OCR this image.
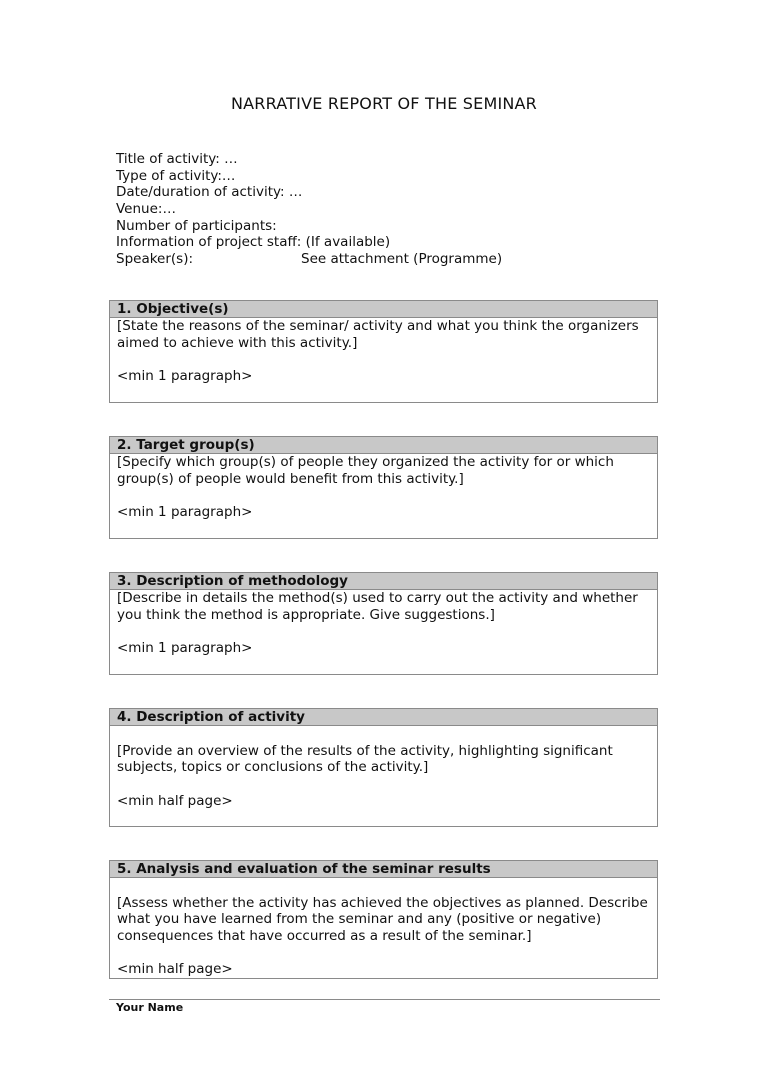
NARRATIVE REPORT OF THE SEMINAR
Title of activity: …
Type of activity:…
Date/duration of activity: …
Venue:…
Number of participants:
Information of project staff: (If available)
Speaker(s):	See attachment (Programme)
1. Objective(s)

[State the reasons of the seminar/ activity and what you think the organizers aimed to achieve with this activity.]

<min 1 paragraph>

2. Target group(s)

[Specify which group(s) of people they organized the activity for or which group(s) of people would benefit from this activity.]

<min 1 paragraph>

3. Description of methodology

[Describe in details the method(s) used to carry out the activity and whether you think the method is appropriate. Give suggestions.]

<min 1 paragraph>

4. Description of activity

[Provide an overview of the results of the activity, highlighting significant subjects, topics or conclusions of the activity.]

<min half page>

5. Analysis and evaluation of the seminar results

[Assess whether the activity has achieved the objectives as planned. Describe what you have learned from the seminar and any (positive or negative) consequences that have occurred as a result of the seminar.]

<min half page>

Your Name
